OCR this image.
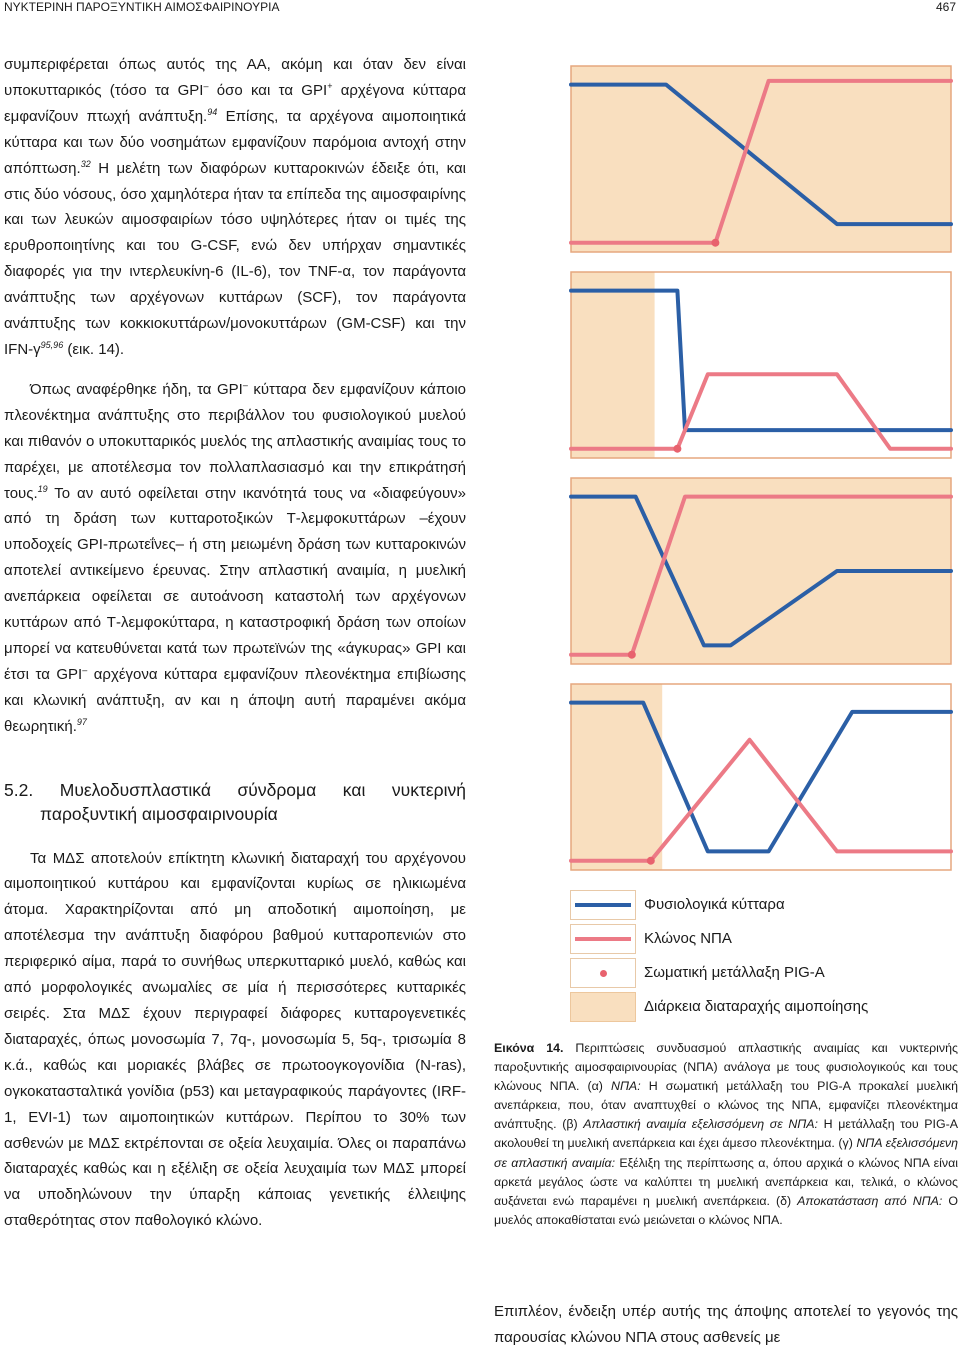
ΝΥΚΤΕΡΙΝΗ ΠΑΡΟΞΥΝΤΙΚΗ ΑΙΜΟΣΦΑΙΡΙΝΟΥΡΙΑ	467

συμπεριφέρεται όπως αυτός της ΑΑ, ακόμη και όταν δεν είναι υποκυτταρικός (τόσο τα GPI– όσο και τα GPI+ αρχέγονα κύτταρα εμφανίζουν πτωχή ανάπτυξη.$^{94}$ Επίσης, τα αρχέγονα αιμοποιητικά κύτταρα και των δύο νοσημάτων εμφανίζουν παρόμοια αντοχή στην απόπτωση.$^{32}$ Η μελέτη των διαφόρων κυτταροκινών έδειξε ότι, και στις δύο νόσους, όσο χαμηλότερα ήταν τα επίπεδα της αιμοσφαιρίνης και των λευκών αιμοσφαιρίων τόσο υψηλότερες ήταν οι τιμές της ερυθροποιητίνης και του G-CSF, ενώ δεν υπήρχαν σημαντικές διαφορές για την ιντερλευκίνη-6 (IL-6), τον TNF-α, τον παράγοντα ανάπτυξης των αρχέγονων κυττάρων (SCF), τον παράγοντα ανάπτυξης των κοκκιοκυττάρων/μονοκυττάρων (GM-CSF) και την IFN-$\gamma^{95,96}$ (εικ. 14).

Όπως αναφέρθηκε ήδη, τα GPI– κύτταρα δεν εμφανίζουν κάποιο πλεονέκτημα ανάπτυξης στο περιβάλλον του φυσιολογικού μυελού και πιθανόν ο υποκυτταρικός μυελός της απλαστικής αναιμίας τους το παρέχει, με αποτέλεσμα τον πολλαπλασιασμό και την επικράτησή τους.$^{19}$ Το αν αυτό οφείλεται στην ικανότητά τους να «διαφεύγουν» από τη δράση των κυτταροτοξικών Τ-λεμφοκυττάρων –έχουν υποδοχείς GPI-πρωτεΐνες– ή στη μειωμένη δράση των κυτταροκινών αποτελεί αντικείμενο έρευνας. Στην απλαστική αναιμία, η μυελική ανεπάρκεια οφείλεται σε αυτοάνοση καταστολή των αρχέγονων κυττάρων από Τ-λεμφοκύτταρα, η καταστροφική δράση των οποίων μπορεί να κατευθύνεται κατά των πρωτεϊνών της «άγκυρας» GPI και έτσι τα GPI– αρχέγονα κύτταρα εμφανίζουν πλεονέκτημα επιβίωσης και κλωνική ανάπτυξη, αν και η άποψη αυτή παραμένει ακόμα θεωρητική.$^{97}$

5.2. Μυελοδυσπλαστικά σύνδρομα και νυκτερινή παροξυντική αιμοσφαιρινουρία

Τα ΜΔΣ αποτελούν επίκτητη κλωνική διαταραχή του αρχέγονου αιμοποιητικού κυττάρου και εμφανίζονται κυρίως σε ηλικιωμένα άτομα. Χαρακτηρίζονται από μη αποδοτική αιμοποίηση, με αποτέλεσμα την ανάπτυξη διαφόρου βαθμού κυτταροπενιών στο περιφερικό αίμα, παρά το συνήθως υπερκυτταρικό μυελό, καθώς και από μορφολογικές ανωμαλίες σε μία ή περισσότερες κυτταρικές σειρές. Στα ΜΔΣ έχουν περιγραφεί διάφορες κυτταρογενετικές διαταραχές, όπως μονοσωμία 7, 7q-, μονοσωμία 5, 5q-, τρισωμία 8 κ.ά., καθώς και μοριακές βλάβες σε πρωτοογκογονίδια (N-ras), ογκοκατασταλτικά γονίδια (p53) και μεταγραφικούς παράγοντες (IRF-1, EVI-1) των αιμοποιητικών κυττάρων. Περίπου το 30% των ασθενών με ΜΔΣ εκτρέπονται σε οξεία λευχαιμία. Όλες οι παραπάνω διαταραχές καθώς και η εξέλιξη σε οξεία λευχαιμία των ΜΔΣ μπορεί να υποδηλώνουν την ύπαρξη κάποιας γενετικής έλλειψης σταθερότητας στον παθολογικό κλώνο.

Φυσιολογικά κύτταρα
Κλώνος ΝΠΑ
Σωματική μετάλλαξη PIG-A
Διάρκεια διαταραχής αιμοποίησης
Εικόνα 14. Περιπτώσεις συνδυασμού απλαστικής αναιμίας και νυκτερινής παροξυντικής αιμοσφαιρινουρίας (ΝΠΑ) ανάλογα με τους φυσιολογικούς και τους κλώνους ΝΠΑ. (α) ΝΠΑ: Η σωματική μετάλλαξη του PIG-A προκαλεί μυελική ανεπάρκεια, που, όταν αναπτυχθεί ο κλώνος της ΝΠΑ, εμφανίζει πλεονέκτημα ανάπτυξης. (β) Απλαστική αναιμία εξελισσόμενη σε ΝΠΑ: Η μετάλλαξη του PIG-A ακολουθεί τη μυελική ανεπάρκεια και έχει άμεσο πλεονέκτημα. (γ) ΝΠΑ εξελισσόμενη σε απλαστική αναιμία: Εξέλιξη της περίπτωσης α, όπου αρχικά ο κλώνος ΝΠΑ είναι αρκετά μεγάλος ώστε να καλύπτει τη μυελική ανεπάρκεια και, τελικά, ο κλώνος αυξάνεται ενώ παραμένει η μυελική ανεπάρκεια. (δ) Αποκατάσταση από ΝΠΑ: Ο μυελός αποκαθίσταται ενώ μειώνεται ο κλώνος ΝΠΑ.

Επιπλέον, ένδειξη υπέρ αυτής της άποψης αποτελεί το γεγονός της παρουσίας κλώνου ΝΠΑ στους ασθενείς με
